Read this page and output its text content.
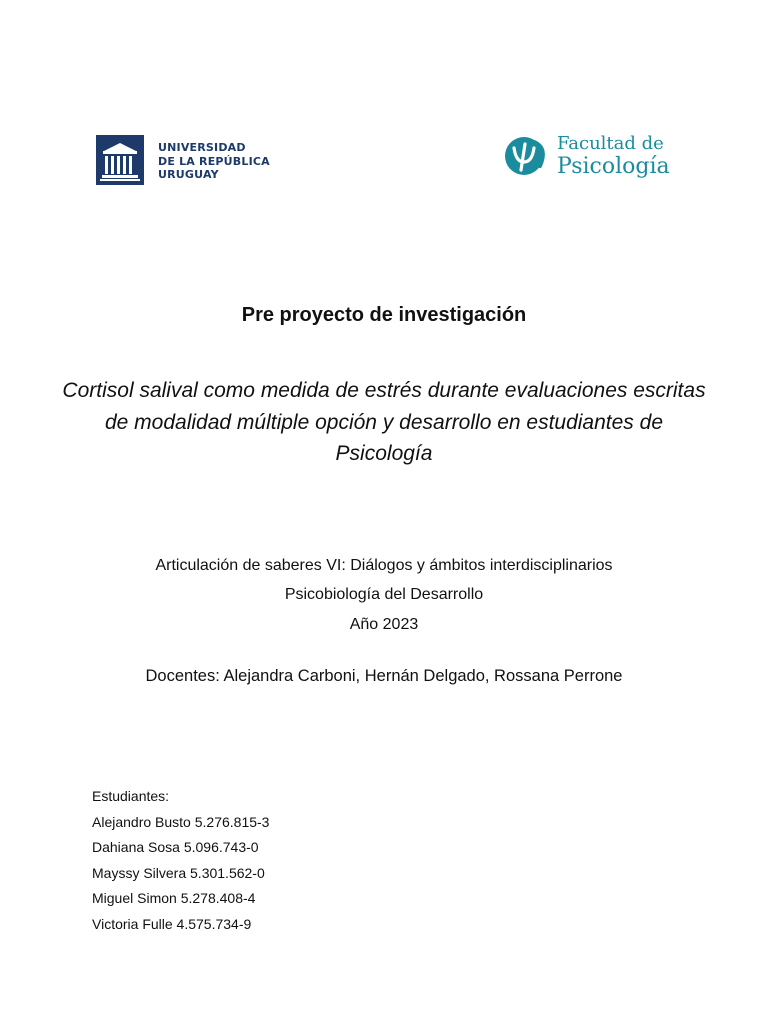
UNIVERSIDAD
DE LA REPÚBLICA
URUGUAY
Facultad de
Psicología
Pre proyecto de investigación

Cortisol salival como medida de estrés durante evaluaciones escritas de modalidad múltiple opción y desarrollo en estudiantes de Psicología

Articulación de saberes VI: Diálogos y ámbitos interdisciplinarios

Psicobiología del Desarrollo

Año 2023

Docentes: Alejandra Carboni, Hernán Delgado, Rossana Perrone

Estudiantes:
Alejandro Busto 5.276.815-3
Dahiana Sosa 5.096.743-0
Mayssy Silvera 5.301.562-0
Miguel Simon 5.278.408-4
Victoria Fulle 4.575.734-9
